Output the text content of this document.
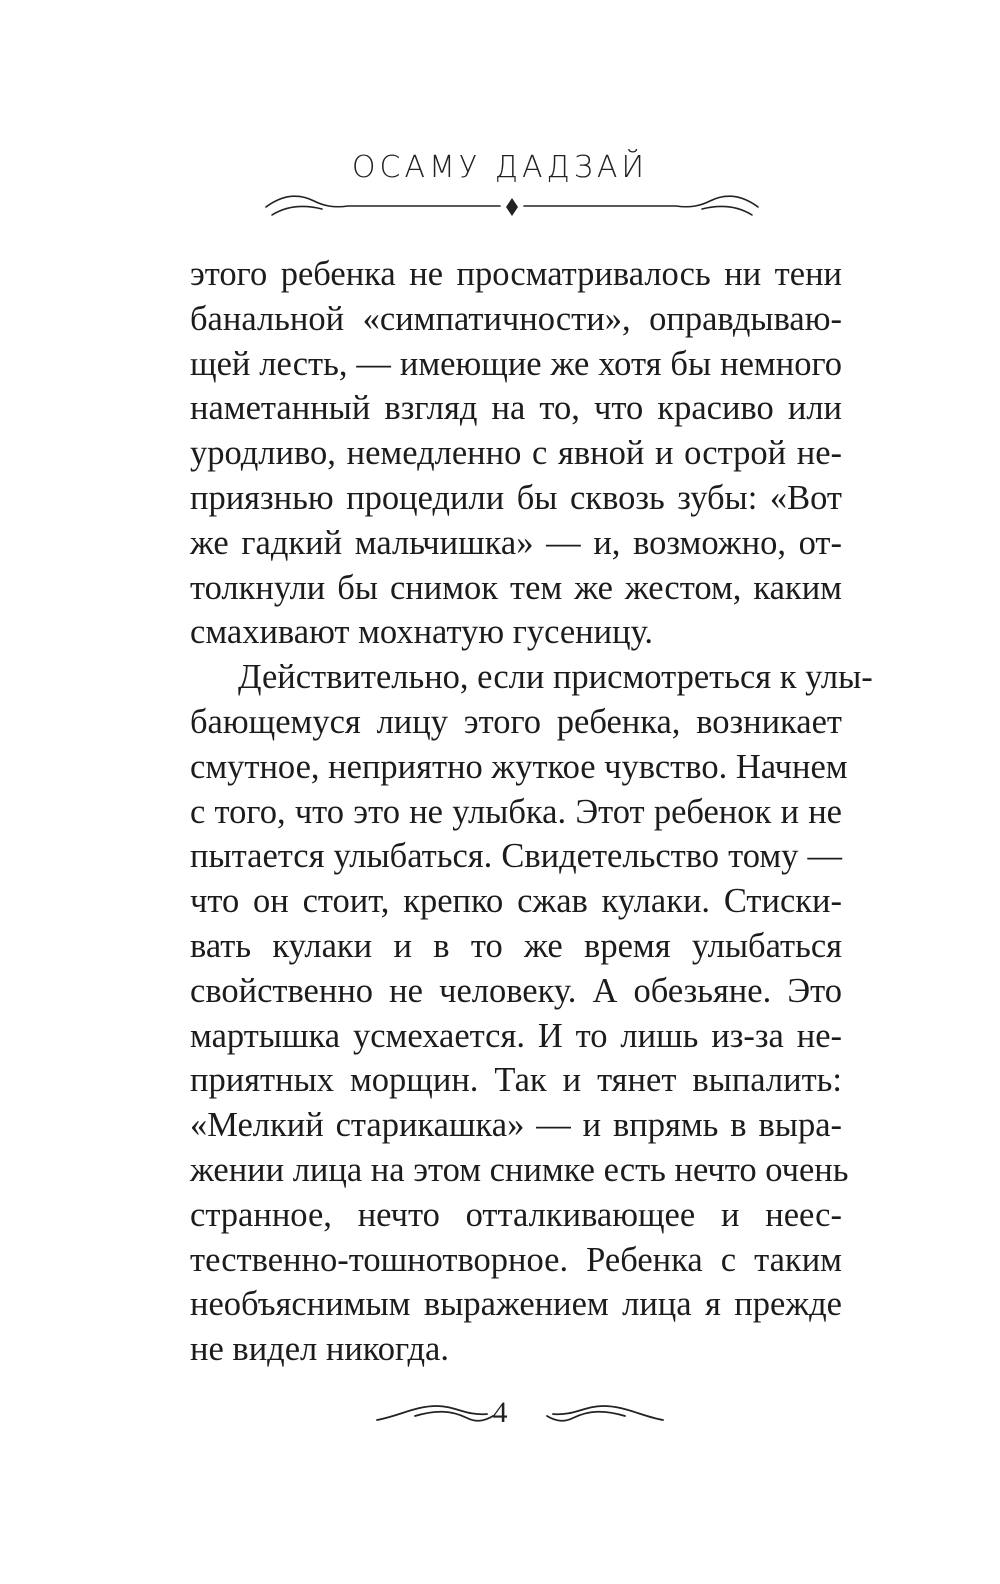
ОСАМУ ДАДЗАЙ

этого ребенка не просматривалось ни тени
банальной «симпатичности», оправдываю-
щей лесть, — имеющие же хотя бы немного
наметанный взгляд на то, что красиво или
уродливо, немедленно с явной и острой не-
приязнью процедили бы сквозь зубы: «Вот
же гадкий мальчишка» — и, возможно, от-
толкнули бы снимок тем же жестом, каким
смахивают мохнатую гусеницу.

Действительно, если присмотреться к улы-
бающемуся лицу этого ребенка, возникает
смутное, неприятно жуткое чувство. Начнем
с того, что это не улыбка. Этот ребенок и не
пытается улыбаться. Свидетельство тому —
что он стоит, крепко сжав кулаки. Стиски-
вать кулаки и в то же время улыбаться
свойственно не человеку. А обезьяне. Это
мартышка усмехается. И то лишь из-за не-
приятных морщин. Так и тянет выпалить:
«Мелкий старикашка» — и впрямь в выра-
жении лица на этом снимке есть нечто очень
странное, нечто отталкивающее и неес-
тественно-тошнотворное. Ребенка с таким
необъяснимым выражением лица я прежде
не видел никогда.

4
